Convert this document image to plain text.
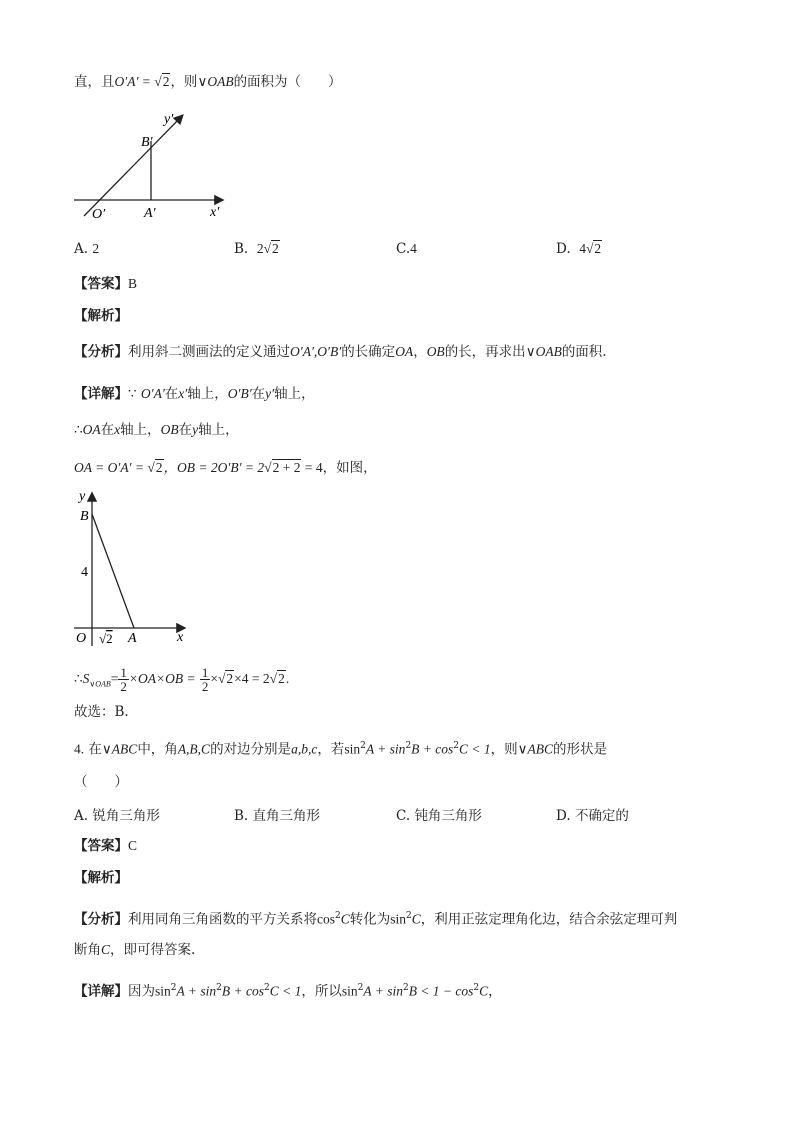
直，且O′A′ = √2，则∨OAB的面积为（　　）
y′
B′
O′	A′	x′
A. 2	B. 2√2	C.4	D. 4√2
【答案】B
【解析】
【分析】利用斜二测画法的定义通过O′A′,O′B′的长确定OA，OB的长，再求出∨OAB的面积.
【详解】∵ O′A′在x′轴上，O′B′在y′轴上，
∴OA在x轴上，OB在y轴上，
OA = O′A′ = √2，OB = 2O′B′ = 2√2 + 2 = 4，如图，
y
B
4
O √2 A	x
$\therefore S_{\vee OAB}= \frac{1}{2} \times OA\times OB = \frac{1}{2} \times√2\times 4 = 2√2$.
故选：B.
4. 在∨ABC中，角A,B,C的对边分别是a,b,c，若$\sin^2A + \sin^2B + \cos^2C < 1$，则∨ABC的形状是
（　　）
A. 锐角三角形	B. 直角三角形	C. 钝角三角形	D. 不确定的
【答案】C
【解析】
【分析】利用同角三角函数的平方关系将$\cos^2C$转化为$\sin^2C$，利用正弦定理角化边，结合余弦定理可判
断角C，即可得答案.
【详解】因为$\sin^2A + \sin^2B + \cos^2C < 1$，所以$\sin^2A + \sin^2B < 1 - \cos^2C$，
